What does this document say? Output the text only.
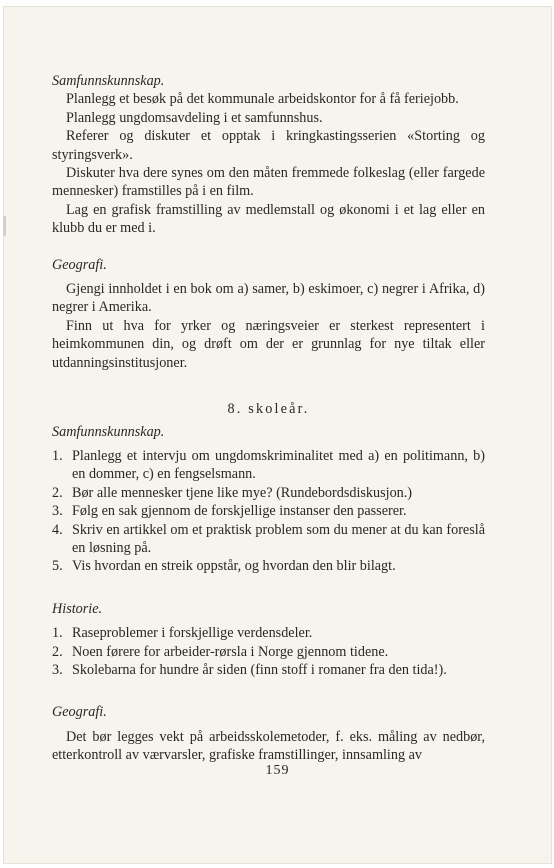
Samfunnskunnskap.

Planlegg et besøk på det kommunale arbeidskontor for å få feriejobb.

Planlegg ungdomsavdeling i et samfunnshus.

Referer og diskuter et opptak i kringkastingsserien «Storting og styringsverk».

Diskuter hva dere synes om den måten fremmede folkeslag (eller fargede mennesker) framstilles på i en film.

Lag en grafisk framstilling av medlemstall og økonomi i et lag eller en klubb du er med i.

Geografi.

Gjengi innholdet i en bok om a) samer, b) eskimoer, c) negrer i Afrika, d) negrer i Amerika.

Finn ut hva for yrker og næringsveier er sterkest representert i heimkommunen din, og drøft om der er grunnlag for nye tiltak eller utdanningsinstitusjoner.

8. skoleår.

Samfunnskunnskap.

1. Planlegg et intervju om ungdomskriminalitet med a) en politimann, b) en dommer, c) en fengselsmann.
2. Bør alle mennesker tjene like mye? (Rundebordsdiskusjon.)
3. Følg en sak gjennom de forskjellige instanser den passerer.
4. Skriv en artikkel om et praktisk problem som du mener at du kan foreslå en løsning på.
5. Vis hvordan en streik oppstår, og hvordan den blir bilagt.

Historie.

1. Raseproblemer i forskjellige verdensdeler.
2. Noen førere for arbeider-rørsla i Norge gjennom tidene.
3. Skolebarna for hundre år siden (finn stoff i romaner fra den tida!).

Geografi.

Det bør legges vekt på arbeidsskolemetoder, f. eks. måling av nedbør, etterkontroll av værvarsler, grafiske framstillinger, innsamling av

159
